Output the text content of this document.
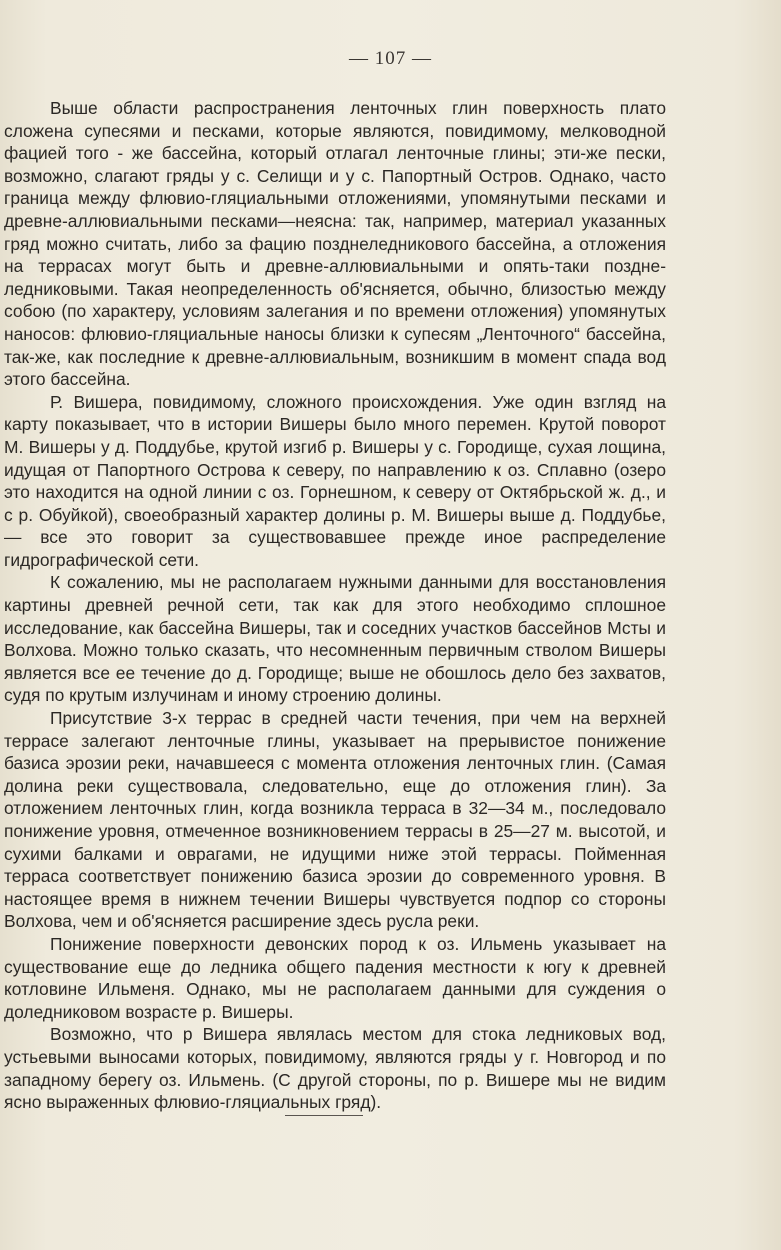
— 107 —

Выше области распространения ленточных глин поверхность плато сложена супесями и песками, которые являются, повидимому, мелководной фацией того - же бассейна, который отлагал ленточные глины; эти-же пески, возможно, слагают гряды у с. Селищи и у с. Папортный Остров. Однако, часто граница между флювио-гляциальными отложениями, упомянутыми песками и древне-аллювиальными песками—неясна: так, например, материал указанных гряд можно считать, либо за фацию позднеледникового бассейна, а отложения на террасах могут быть и древне-аллювиальными и опять-таки поздне-ледниковыми. Такая неопределенность об'ясняется, обычно, близостью между собою (по характеру, условиям залегания и по времени отложения) упомянутых наносов: флювио-гляциальные наносы близки к супесям „Ленточного“ бассейна, так-же, как последние к древне-аллювиальным, возникшим в момент спада вод этого бассейна.

Р. Вишера, повидимому, сложного происхождения. Уже один взгляд на карту показывает, что в истории Вишеры было много перемен. Крутой поворот М. Вишеры у д. Поддубье, крутой изгиб р. Вишеры у с. Городище, сухая лощина, идущая от Папортного Острова к северу, по направлению к оз. Сплавно (озеро это находится на одной линии с оз. Горнешном, к северу от Октябрьской ж. д., и с р. Обуйкой), своеобразный характер долины р. М. Вишеры выше д. Поддубье,— все это говорит за существовавшее прежде иное распределение гидрографической сети.

К сожалению, мы не располагаем нужными данными для восстановления картины древней речной сети, так как для этого необходимо сплошное исследование, как бассейна Вишеры, так и соседних участков бассейнов Мсты и Волхова. Можно только сказать, что несомненным первичным стволом Вишеры является все ее течение до д. Городище; выше не обошлось дело без захватов, судя по крутым излучинам и иному строению долины.

Присутствие 3-х террас в средней части течения, при чем на верхней террасе залегают ленточные глины, указывает на прерывистое понижение базиса эрозии реки, начавшееся с момента отложения ленточных глин. (Самая долина реки существовала, следовательно, еще до отложения глин). За отложением ленточных глин, когда возникла терраса в 32—34 м., последовало понижение уровня, отмеченное возникновением террасы в 25—27 м. высотой, и сухими балками и оврагами, не идущими ниже этой террасы. Пойменная терраса соответствует понижению базиса эрозии до современного уровня. В настоящее время в нижнем течении Вишеры чувствуется подпор со стороны Волхова, чем и об'ясняется расширение здесь русла реки.

Понижение поверхности девонских пород к оз. Ильмень указывает на существование еще до ледника общего падения местности к югу к древней котловине Ильменя. Однако, мы не располагаем данными для суждения о доледниковом возрасте р. Вишеры.

Возможно, что р Вишера являлась местом для стока ледниковых вод, устьевыми выносами которых, повидимому, являются гряды у г. Новгород и по западному берегу оз. Ильмень. (С другой стороны, по р. Вишере мы не видим ясно выраженных флювио-гляциальных гряд).
